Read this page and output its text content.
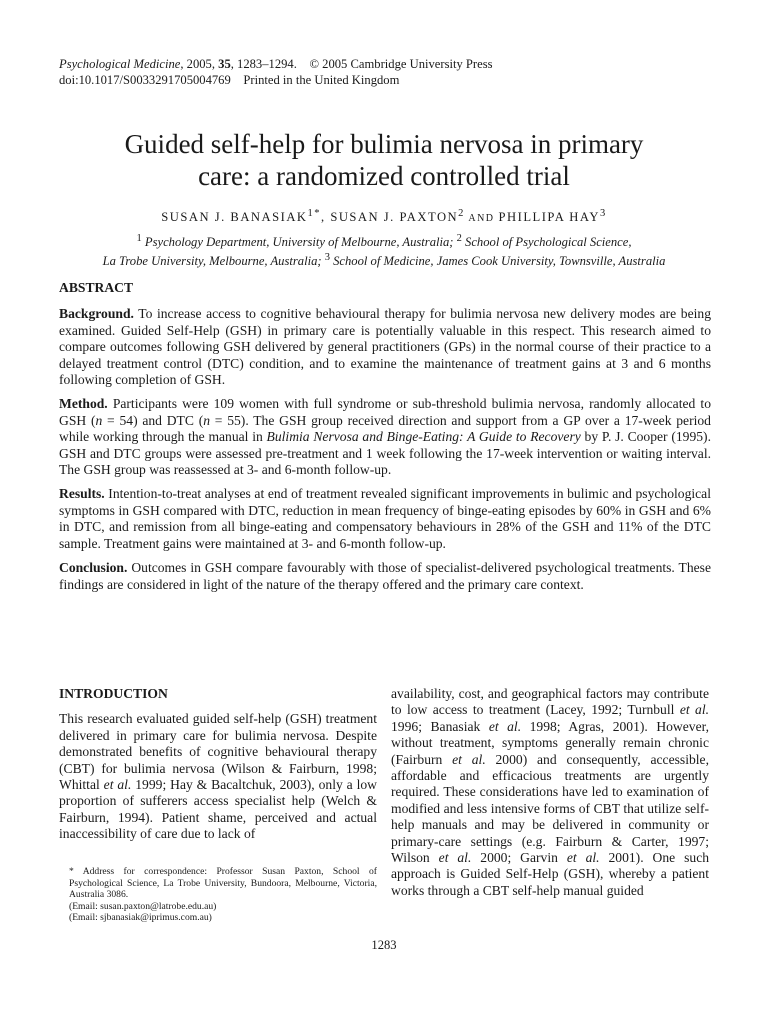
Psychological Medicine, 2005, 35, 1283–1294. © 2005 Cambridge University Press
doi:10.1017/S0033291705004769 Printed in the United Kingdom
Guided self-help for bulimia nervosa in primary
care: a randomized controlled trial
SUSAN J. $BANASIAK^{1*}$, SUSAN J. PAXTON$^2$ AND PHILLIPA HAY$^3$
$^1$ Psychology Department, University of Melbourne, Australia; $^2$ School of Psychological Science,
La Trobe University, Melbourne, Australia; $^3$ School of Medicine, James Cook University, Townsville, Australia
ABSTRACT

Background. To increase access to cognitive behavioural therapy for bulimia nervosa new delivery modes are being examined. Guided Self-Help (GSH) in primary care is potentially valuable in this respect. This research aimed to compare outcomes following GSH delivered by general practitioners (GPs) in the normal course of their practice to a delayed treatment control (DTC) condition, and to examine the maintenance of treatment gains at 3 and 6 months following completion of GSH.

Method. Participants were 109 women with full syndrome or sub-threshold bulimia nervosa, randomly allocated to GSH (n = 54) and DTC (n = 55). The GSH group received direction and support from a GP over a 17-week period while working through the manual in Bulimia Nervosa and Binge-Eating: A Guide to Recovery by P. J. Cooper (1995). GSH and DTC groups were assessed pre-treatment and 1 week following the 17-week intervention or waiting interval. The GSH group was reassessed at 3- and 6-month follow-up.

Results. Intention-to-treat analyses at end of treatment revealed significant improvements in bulimic and psychological symptoms in GSH compared with DTC, reduction in mean frequency of binge-eating episodes by 60% in GSH and 6% in DTC, and remission from all binge-eating and compensatory behaviours in 28% of the GSH and 11% of the DTC sample. Treatment gains were maintained at 3- and 6-month follow-up.

Conclusion. Outcomes in GSH compare favourably with those of specialist-delivered psychological treatments. These findings are considered in light of the nature of the therapy offered and the primary care context.

INTRODUCTION

This research evaluated guided self-help (GSH) treatment delivered in primary care for bulimia nervosa. Despite demonstrated benefits of cognitive behavioural therapy (CBT) for bulimia nervosa (Wilson & Fairburn, 1998; Whittal et al. 1999; Hay & Bacaltchuk, 2003), only a low proportion of sufferers access specialist help (Welch & Fairburn, 1994). Patient shame, perceived and actual inaccessibility of care due to lack of

* Address for correspondence: Professor Susan Paxton, School of Psychological Science, La Trobe University, Bundoora, Melbourne, Victoria, Australia 3086.

(Email: susan.paxton@latrobe.edu.au)

(Email: sjbanasiak@iprimus.com.au)

availability, cost, and geographical factors may contribute to low access to treatment (Lacey, 1992; Turnbull et al. 1996; Banasiak et al. 1998; Agras, 2001). However, without treatment, symptoms generally remain chronic (Fairburn et al. 2000) and consequently, accessible, affordable and efficacious treatments are urgently required. These considerations have led to examination of modified and less intensive forms of CBT that utilize self-help manuals and may be delivered in community or primary-care settings (e.g. Fairburn & Carter, 1997; Wilson et al. 2000; Garvin et al. 2001). One such approach is Guided Self-Help (GSH), whereby a patient works through a CBT self-help manual guided

1283
